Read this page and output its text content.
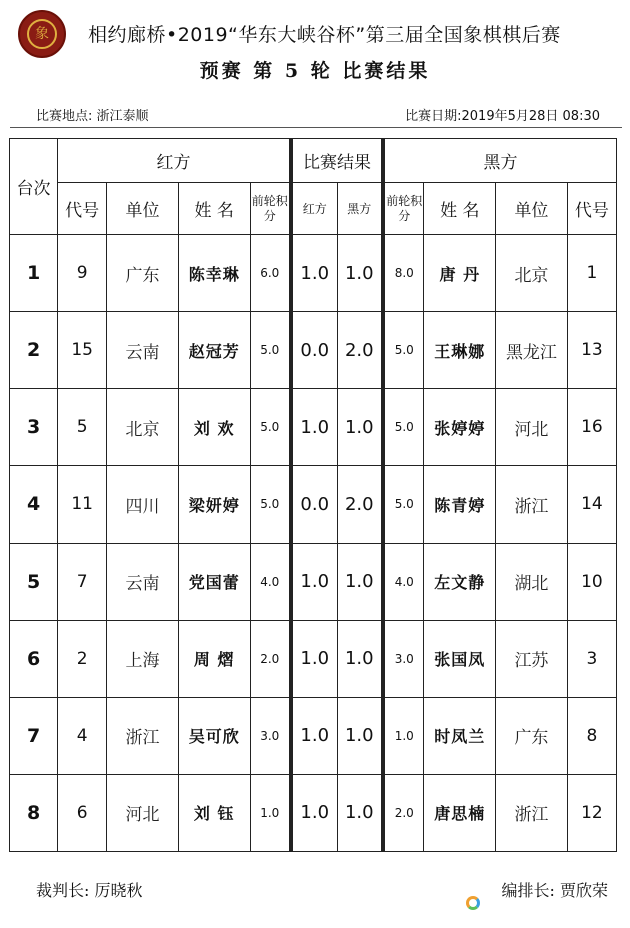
象	相约廊桥•2019“华东大峡谷杯”第三届全国象棋棋后赛
预赛 第 5 轮 比赛结果
比赛地点: 浙江泰顺	比赛日期:2019年5月28日 08:30
台次	红方				比赛结果		黑方			
	代号	单位	姓 名	前轮积分	红方	黑方	前轮积分	姓 名	单位	代号
1	9	广东	陈幸琳	6.0	1.0	1.0	8.0	唐 丹	北京	1
2	15	云南	赵冠芳	5.0	0.0	2.0	5.0	王琳娜	黑龙江	13
3	5	北京	刘 欢	5.0	1.0	1.0	5.0	张婷婷	河北	16
4	11	四川	梁妍婷	5.0	0.0	2.0	5.0	陈青婷	浙江	14
5	7	云南	党国蕾	4.0	1.0	1.0	4.0	左文静	湖北	10
6	2	上海	周 熠	2.0	1.0	1.0	3.0	张国凤	江苏	3
7	4	浙江	吴可欣	3.0	1.0	1.0	1.0	时凤兰	广东	8
8	6	河北	刘 钰	1.0	1.0	1.0	2.0	唐思楠	浙江	12
裁判长: 厉晓秋	编排长: 贾欣荣
